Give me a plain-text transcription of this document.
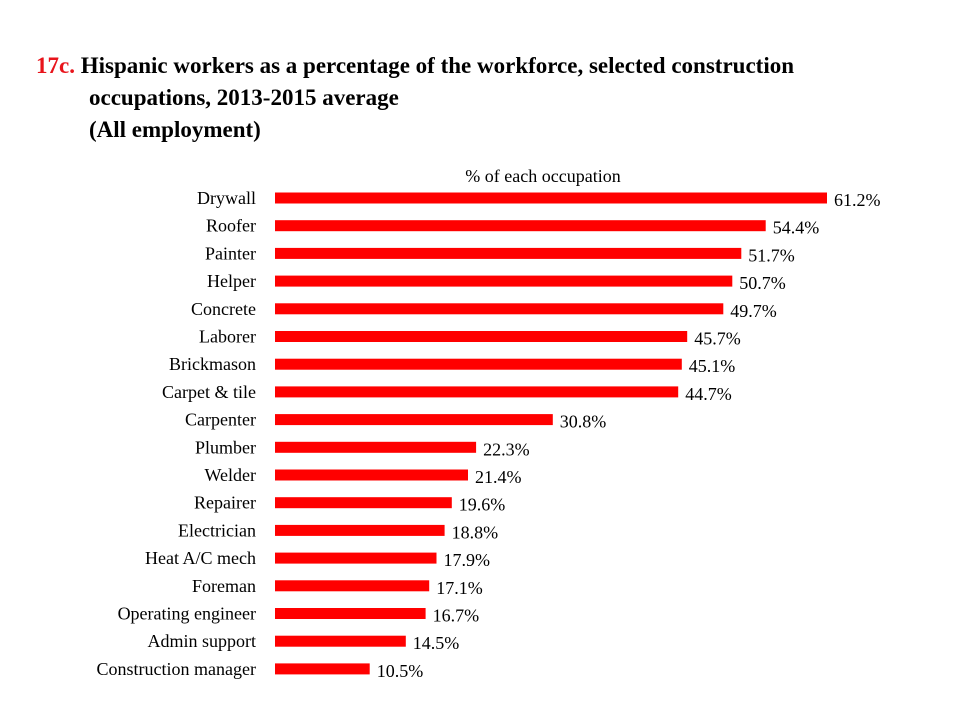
17c. Hispanic workers as a percentage of the workforce, selected construction
occupations, 2013-2015 average
(All employment)
% of each occupation
Drywall
Roofer
Painter
Helper
Concrete
Laborer
Brickmason
Carpet & tile
Carpenter
Plumber
Welder
Repairer
Electrician
Heat A/C mech
Foreman
Operating engineer
Admin support
Construction manager
61.2%
54.4%
51.7%
50.7%
49.7%
45.7%
45.1%
44.7%
30.8%
22.3%
21.4%
19.6%
18.8%
17.9%
17.1%
16.7%
14.5%
10.5%
